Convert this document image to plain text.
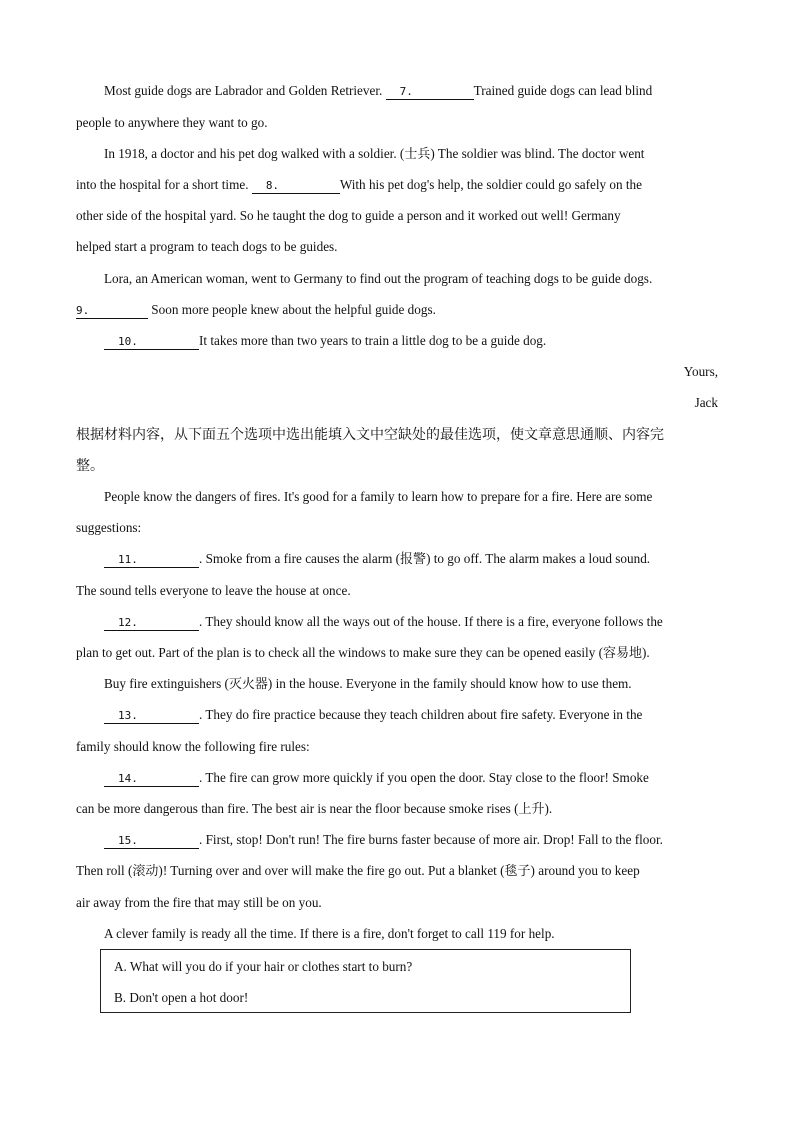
Most guide dogs are Labrador and Golden Retriever. 7.	Trained guide dogs can lead blind
people to anywhere they want to go.
In 1918, a doctor and his pet dog walked with a soldier. (士兵) The soldier was blind. The doctor went
into the hospital for a short time. 8.	With his pet dog's help, the soldier could go safely on the
other side of the hospital yard. So he taught the dog to guide a person and it worked out well! Germany
helped start a program to teach dogs to be guides.
Lora, an American woman, went to Germany to find out the program of teaching dogs to be guide dogs.
9.	Soon more people knew about the helpful guide dogs.
10.	It takes more than two years to train a little dog to be a guide dog.
Yours,
Jack
根据材料内容，从下面五个选项中选出能填入文中空缺处的最佳选项，使文章意思通顺、内容完
整。
People know the dangers of fires. It's good for a family to learn how to prepare for a fire. Here are some
suggestions:
11.	. Smoke from a fire causes the alarm (报警) to go off. The alarm makes a loud sound.
The sound tells everyone to leave the house at once.
12.	. They should know all the ways out of the house. If there is a fire, everyone follows the
plan to get out. Part of the plan is to check all the windows to make sure they can be opened easily (容易地).
Buy fire extinguishers (灭火器) in the house. Everyone in the family should know how to use them.
13.	. They do fire practice because they teach children about fire safety. Everyone in the
family should know the following fire rules:
14.	. The fire can grow more quickly if you open the door. Stay close to the floor! Smoke
can be more dangerous than fire. The best air is near the floor because smoke rises (上升).
15.	. First, stop! Don't run! The fire burns faster because of more air. Drop! Fall to the floor.
Then roll (滚动)! Turning over and over will make the fire go out. Put a blanket (毯子) around you to keep
air away from the fire that may still be on you.
A clever family is ready all the time. If there is a fire, don't forget to call 119 for help.
A. What will you do if your hair or clothes start to burn?
B. Don't open a hot door!
